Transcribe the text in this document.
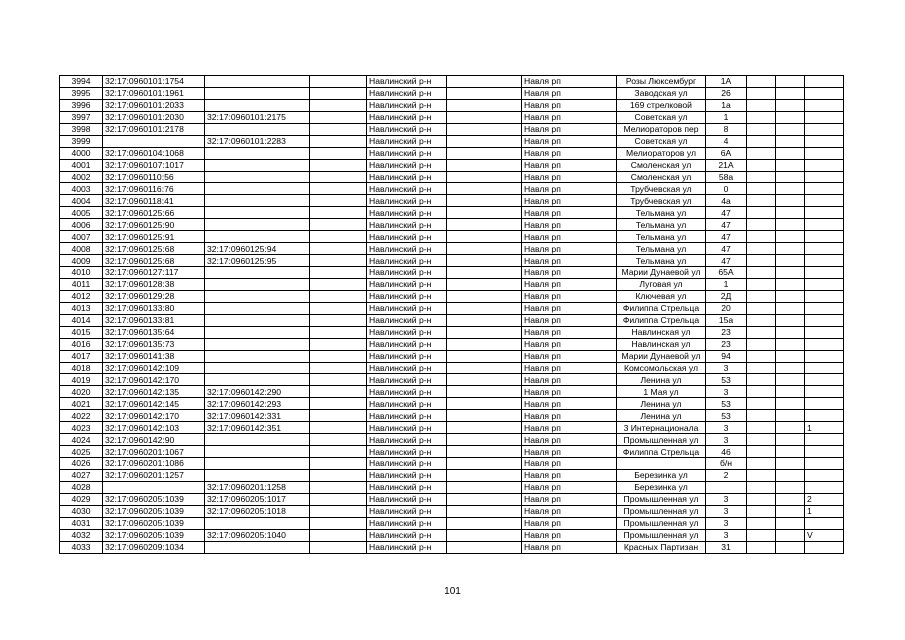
3994	32:17:0960101:1754			Навлинский р-н		Навля рп	Розы Люксембург	1А			
3995	32:17:0960101:1961			Навлинский р-н		Навля рп	Заводская ул	26			
3996	32:17:0960101:2033			Навлинский р-н		Навля рп	169 стрелковой	1а			
3997	32:17:0960101:2030	32:17:0960101:2175		Навлинский р-н		Навля рп	Советская ул	1			
3998	32:17:0960101:2178			Навлинский р-н		Навля рп	Мелиораторов пер	8			
3999		32:17:0960101:2283		Навлинский р-н		Навля рп	Советская ул	4			
4000	32:17:0960104:1068			Навлинский р-н		Навля рп	Мелиораторов ул	6А			
4001	32:17:0960107:1017			Навлинский р-н		Навля рп	Смоленская ул	21А			
4002	32:17:0960110:56			Навлинский р-н		Навля рп	Смоленская ул	58а			
4003	32:17:0960116:76			Навлинский р-н		Навля рп	Трубчевская ул	0			
4004	32:17:0960118:41			Навлинский р-н		Навля рп	Трубчевская ул	4а			
4005	32:17:0960125:66			Навлинский р-н		Навля рп	Тельмана ул	47			
4006	32:17:0960125:90			Навлинский р-н		Навля рп	Тельмана ул	47			
4007	32:17:0960125:91			Навлинский р-н		Навля рп	Тельмана ул	47			
4008	32:17:0960125:68	32:17:0960125:94		Навлинский р-н		Навля рп	Тельмана ул	47			
4009	32:17:0960125:68	32:17:0960125:95		Навлинский р-н		Навля рп	Тельмана ул	47			
4010	32:17:0960127:117			Навлинский р-н		Навля рп	Марии Дунаевой ул	65А			
4011	32:17:0960128:38			Навлинский р-н		Навля рп	Луговая ул	1			
4012	32:17:0960129:28			Навлинский р-н		Навля рп	Ключевая ул	2Д			
4013	32:17:0960133:80			Навлинский р-н		Навля рп	Филиппа Стрельца	20			
4014	32:17:0960133:81			Навлинский р-н		Навля рп	Филиппа Стрельца	15а			
4015	32:17:0960135:64			Навлинский р-н		Навля рп	Навлинская ул	23			
4016	32:17:0960135:73			Навлинский р-н		Навля рп	Навлинская ул	23			
4017	32:17:0960141:38			Навлинский р-н		Навля рп	Марии Дунаевой ул	94			
4018	32:17:0960142:109			Навлинский р-н		Навля рп	Комсомольская ул	3			
4019	32:17:0960142:170			Навлинский р-н		Навля рп	Ленина ул	53			
4020	32:17:0960142:135	32:17:0960142:290		Навлинский р-н		Навля рп	1 Мая ул	3			
4021	32:17:0960142:145	32:17:0960142:293		Навлинский р-н		Навля рп	Ленина ул	53			
4022	32:17:0960142:170	32:17:0960142:331		Навлинский р-н		Навля рп	Ленина ул	53			
4023	32:17:0960142:103	32:17:0960142:351		Навлинский р-н		Навля рп	3 Интернационала	3			1
4024	32:17:0960142:90			Навлинский р-н		Навля рп	Промышленная ул	3			
4025	32:17:0960201:1067			Навлинский р-н		Навля рп	Филиппа Стрельца	46			
4026	32:17:0960201:1086			Навлинский р-н		Навля рп		б/н			
4027	32:17:0960201:1257			Навлинский р-н		Навля рп	Березинка ул	2			
4028		32:17:0960201:1258		Навлинский р-н		Навля рп	Березинка ул				
4029	32:17:0960205:1039	32:17:0960205:1017		Навлинский р-н		Навля рп	Промышленная ул	3			2
4030	32:17:0960205:1039	32:17:0960205:1018		Навлинский р-н		Навля рп	Промышленная ул	3			1
4031	32:17:0960205:1039			Навлинский р-н		Навля рп	Промышленная ул	3			
4032	32:17:0960205:1039	32:17:0960205:1040		Навлинский р-н		Навля рп	Промышленная ул	3			V
4033	32:17:0960209:1034			Навлинский р-н		Навля рп	Красных Партизан	31			
101
